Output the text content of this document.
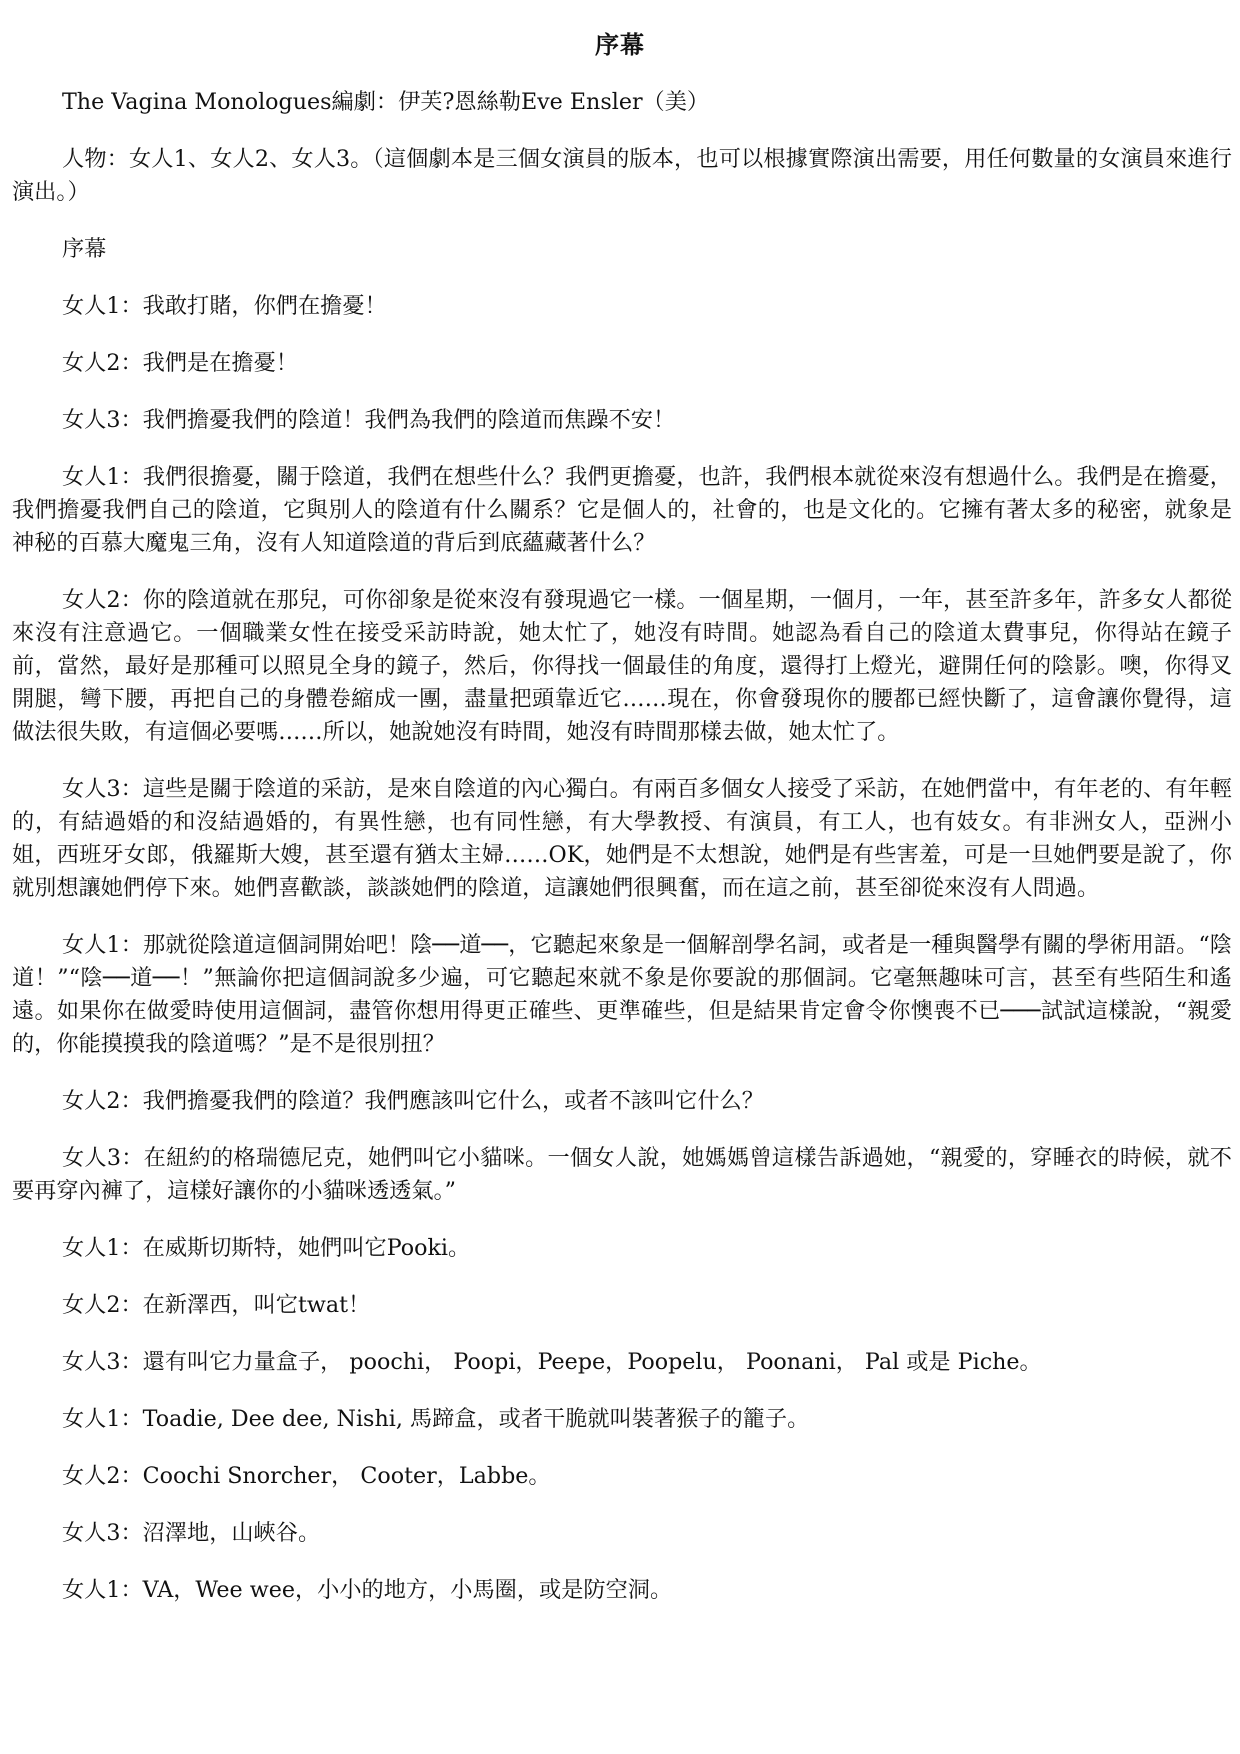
序幕

The Vagina Monologues編劇：伊芙?恩絲勒Eve Ensler（美）

人物：女人1、女人2、女人3。（這個劇本是三個女演員的版本，也可以根據實際演出需要，用任何數量的女演員來進行演出。）

序幕

女人1：我敢打賭，你們在擔憂！

女人2：我們是在擔憂！

女人3：我們擔憂我們的陰道！我們為我們的陰道而焦躁不安！

女人1：我們很擔憂，關于陰道，我們在想些什么？我們更擔憂，也許，我們根本就從來沒有想過什么。我們是在擔憂，我們擔憂我們自己的陰道，它與別人的陰道有什么關系？它是個人的，社會的，也是文化的。它擁有著太多的秘密，就象是神秘的百慕大魔鬼三角，沒有人知道陰道的背后到底蘊藏著什么？

女人2：你的陰道就在那兒，可你卻象是從來沒有發現過它一樣。一個星期，一個月，一年，甚至許多年，許多女人都從來沒有注意過它。一個職業女性在接受采訪時說，她太忙了，她沒有時間。她認為看自己的陰道太費事兒，你得站在鏡子前，當然，最好是那種可以照見全身的鏡子，然后，你得找一個最佳的角度，還得打上燈光，避開任何的陰影。噢，你得叉開腿，彎下腰，再把自己的身體卷縮成一團，盡量把頭靠近它……現在，你會發現你的腰都已經快斷了，這會讓你覺得，這做法很失敗，有這個必要嗎……所以，她說她沒有時間，她沒有時間那樣去做，她太忙了。

女人3：這些是關于陰道的采訪，是來自陰道的內心獨白。有兩百多個女人接受了采訪，在她們當中，有年老的、有年輕的，有結過婚的和沒結過婚的，有異性戀，也有同性戀，有大學教授、有演員，有工人，也有妓女。有非洲女人，亞洲小姐，西班牙女郎，俄羅斯大嫂，甚至還有猶太主婦……OK，她們是不太想說，她們是有些害羞，可是一旦她們要是說了，你就別想讓她們停下來。她們喜歡談，談談她們的陰道，這讓她們很興奮，而在這之前，甚至卻從來沒有人問過。

女人1：那就從陰道這個詞開始吧！陰──道──，它聽起來象是一個解剖學名詞，或者是一種與醫學有關的學術用語。“陰道！”“陰──道──！”無論你把這個詞說多少遍，可它聽起來就不象是你要說的那個詞。它毫無趣味可言，甚至有些陌生和遙遠。如果你在做愛時使用這個詞，盡管你想用得更正確些、更準確些，但是結果肯定會令你懊喪不已───試試這樣說，“親愛的，你能摸摸我的陰道嗎？”是不是很別扭？

女人2：我們擔憂我們的陰道？我們應該叫它什么，或者不該叫它什么？

女人3：在紐約的格瑞德尼克，她們叫它小貓咪。一個女人說，她媽媽曾這樣告訴過她，“親愛的，穿睡衣的時候，就不要再穿內褲了，這樣好讓你的小貓咪透透氣。”

女人1：在威斯切斯特，她們叫它Pooki。

女人2：在新澤西，叫它twat！

女人3：還有叫它力量盒子， poochi， Poopi，Peepe，Poopelu， Poonani， Pal 或是 Piche。

女人1：Toadie, Dee dee, Nishi, 馬蹄盒，或者干脆就叫裝著猴子的籠子。

女人2：Coochi Snorcher， Cooter，Labbe。

女人3：沼澤地，山峽谷。

女人1：VA，Wee wee，小小的地方，小馬圈，或是防空洞。
